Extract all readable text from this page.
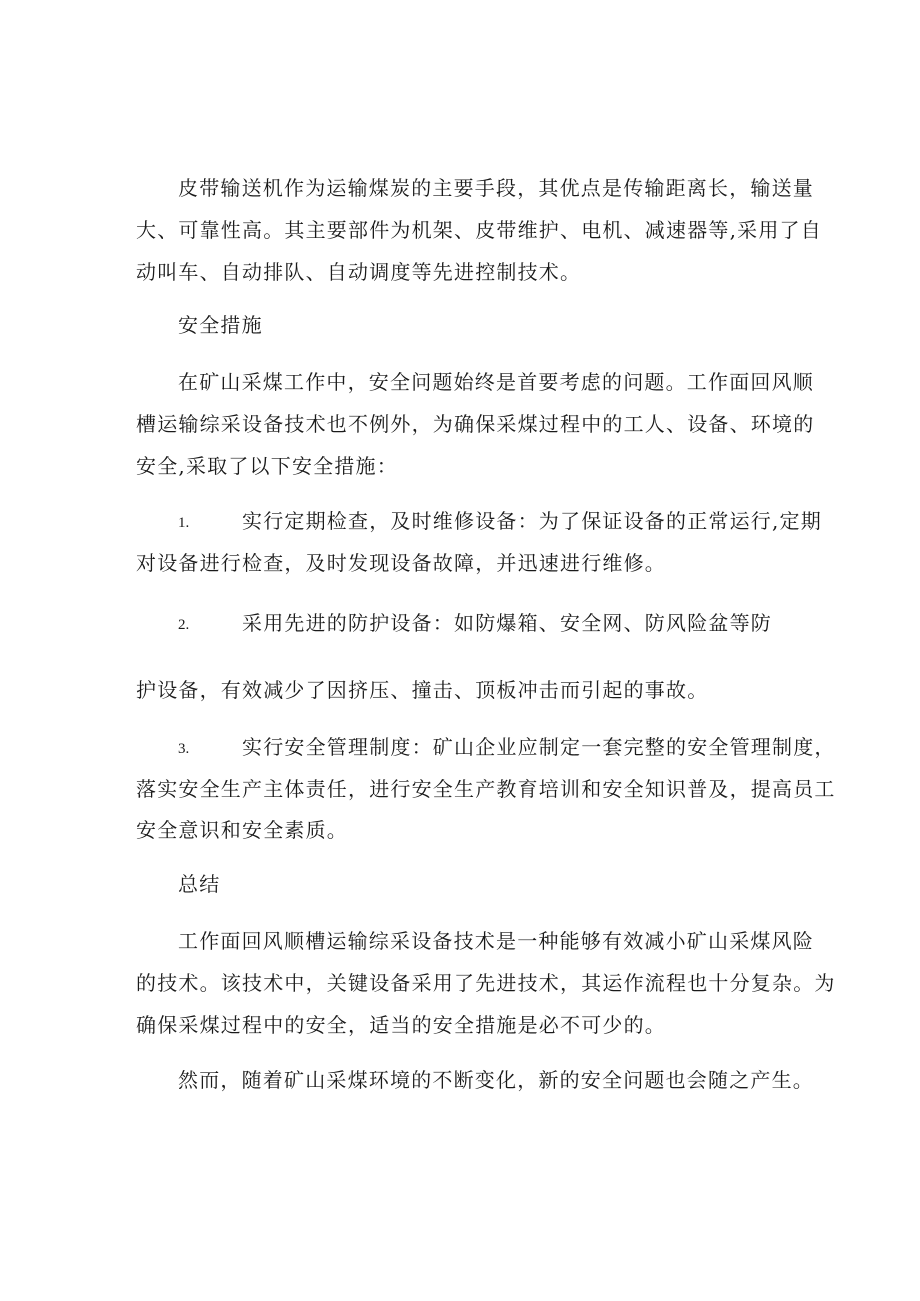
皮带输送机作为运输煤炭的主要手段，其优点是传输距离长，输送量
大、可靠性高。其主要部件为机架、皮带维护、电机、减速器等,采用了自
动叫车、自动排队、自动调度等先进控制技术。
安全措施
在矿山采煤工作中，安全问题始终是首要考虑的问题。工作面回风顺
槽运输综采设备技术也不例外，为确保采煤过程中的工人、设备、环境的
安全,采取了以下安全措施：
1.	实行定期检查，及时维修设备：为了保证设备的正常运行,定期
对设备进行检查，及时发现设备故障，并迅速进行维修。
2.	采用先进的防护设备：如防爆箱、安全网、防风险盆等防
护设备，有效减少了因挤压、撞击、顶板冲击而引起的事故。
3.	实行安全管理制度：矿山企业应制定一套完整的安全管理制度，
落实安全生产主体责任，进行安全生产教育培训和安全知识普及，提高员工
安全意识和安全素质。
总结
工作面回风顺槽运输综采设备技术是一种能够有效减小矿山采煤风险
的技术。该技术中，关键设备采用了先进技术，其运作流程也十分复杂。为
确保采煤过程中的安全，适当的安全措施是必不可少的。
然而，随着矿山采煤环境的不断变化，新的安全问题也会随之产生。
